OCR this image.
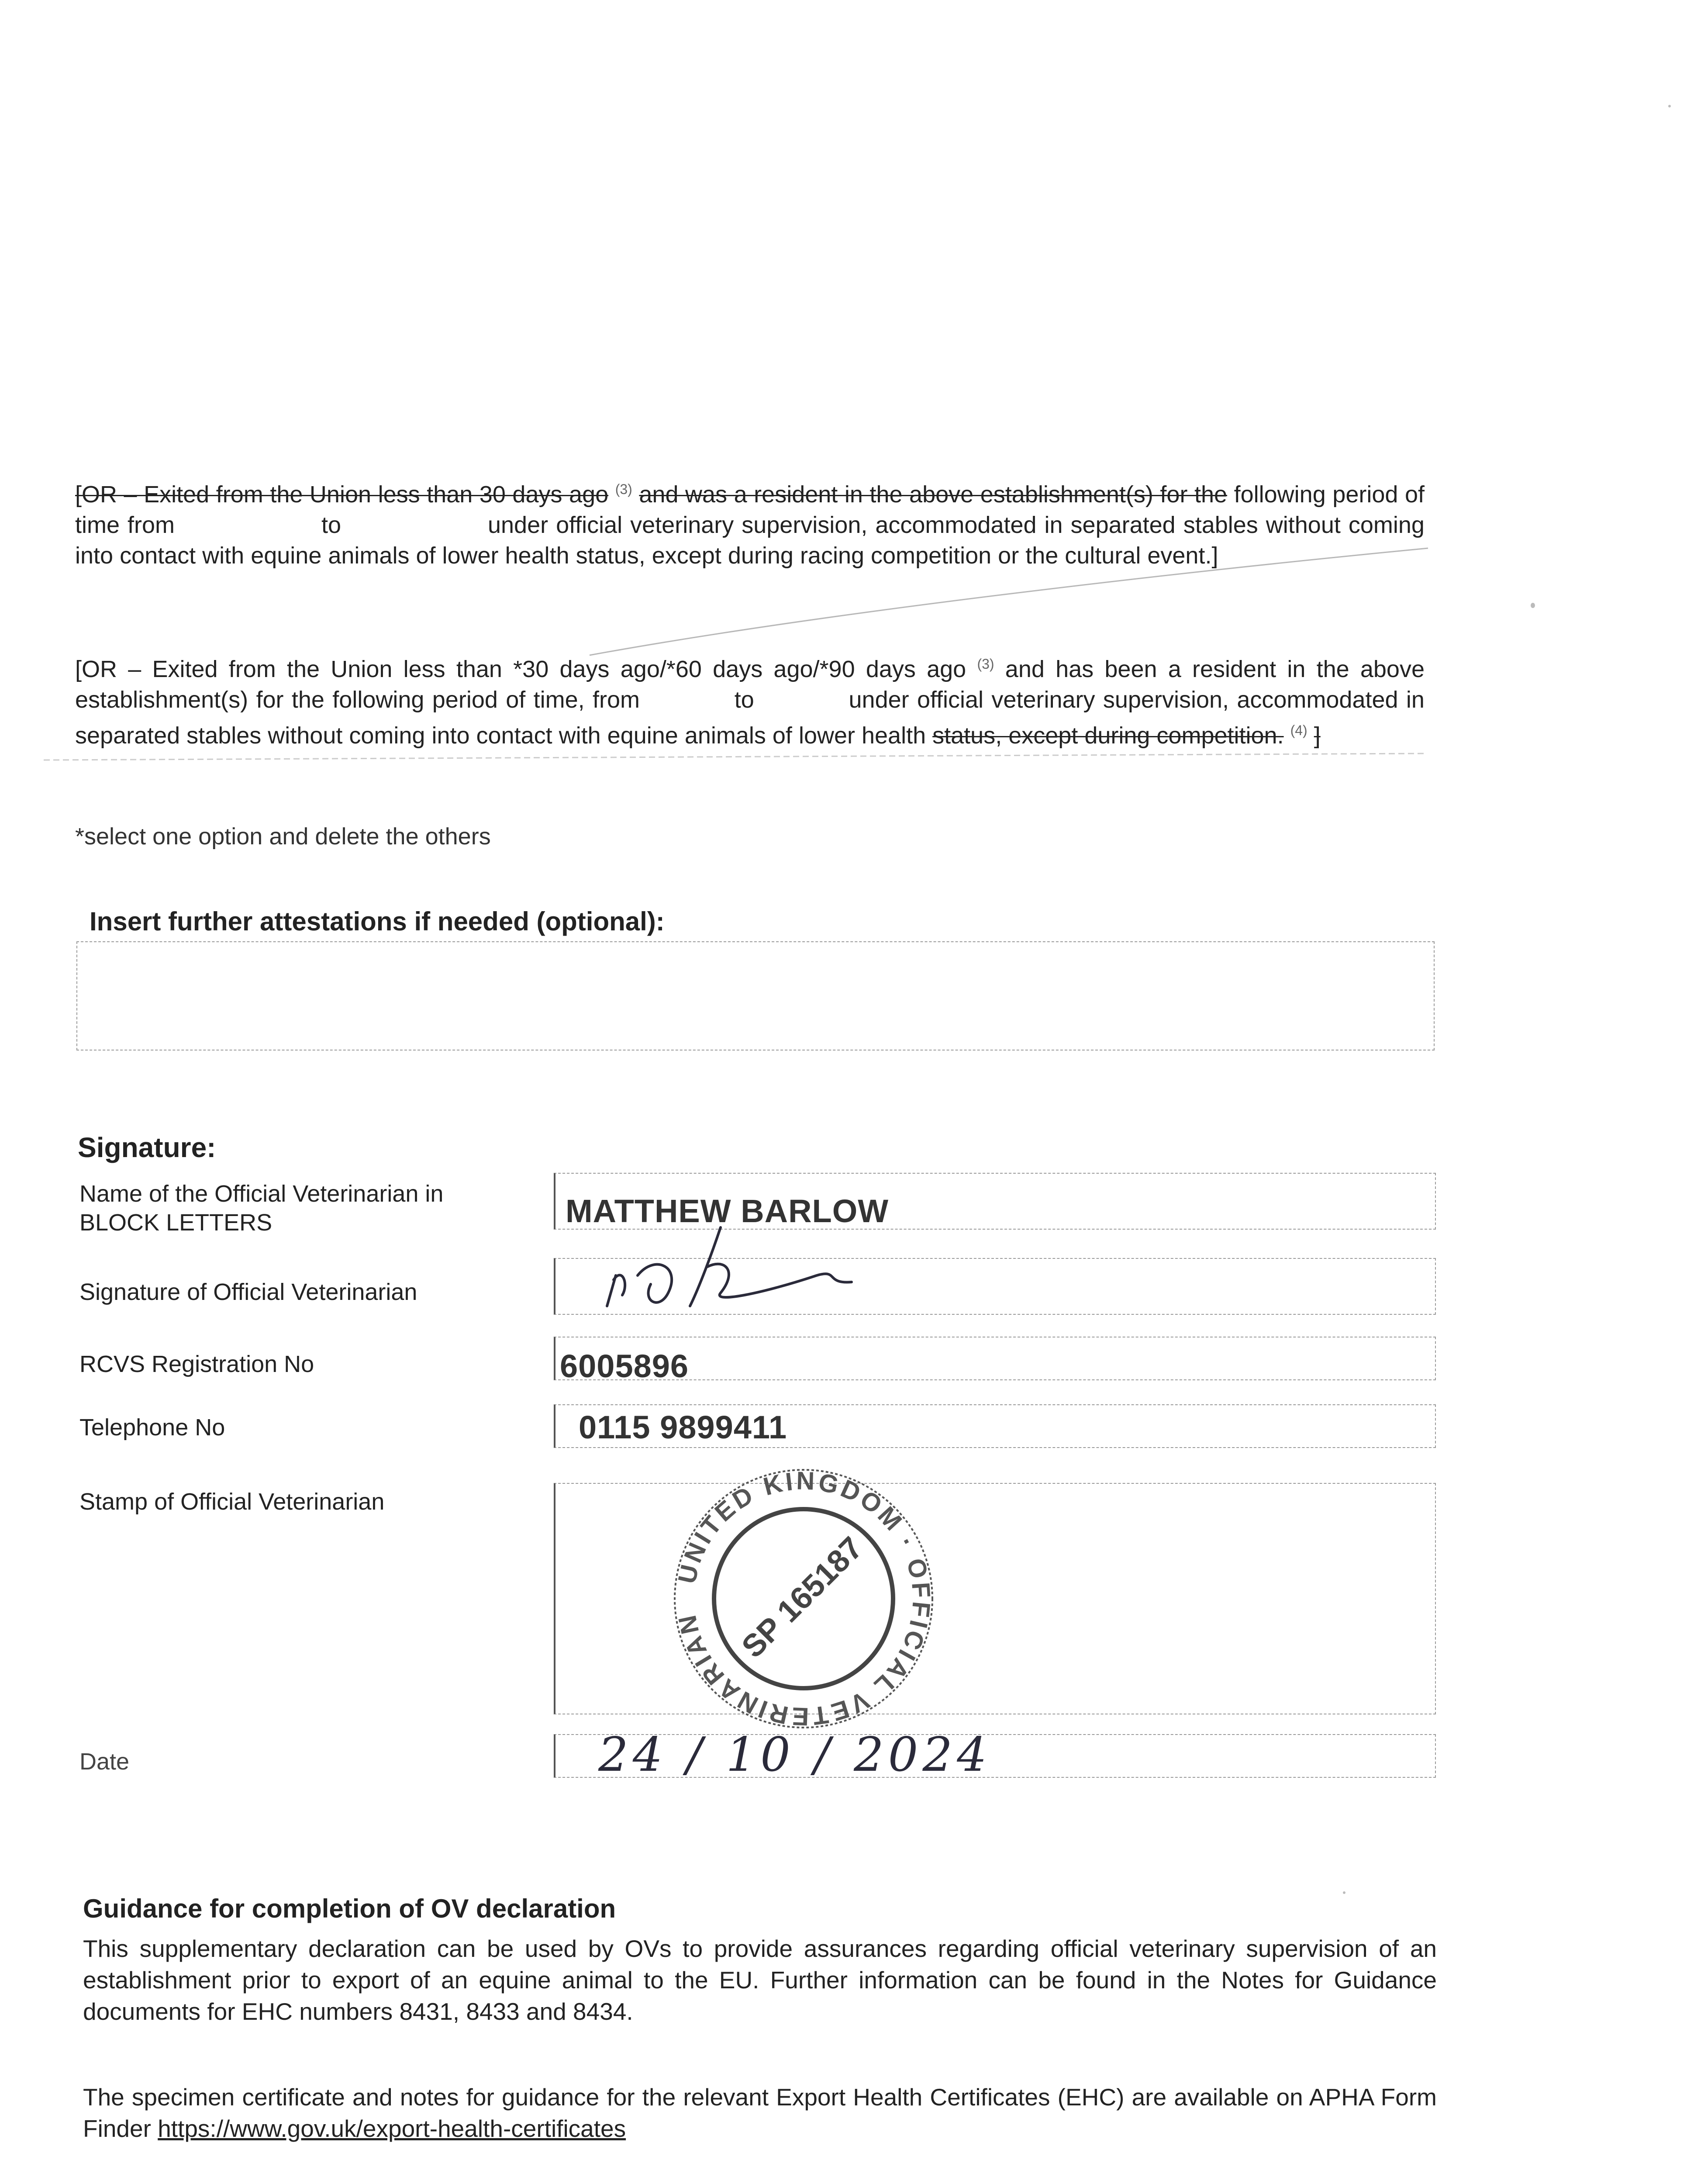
[OR – Exited from the Union less than 30 days ago $^{(3)}$ and was a resident in the above establishment(s) for the following period of time from	to	under official veterinary supervision, accommodated in separated stables without coming into contact with equine animals of lower health status, except during racing competition or the cultural event.]
[OR – Exited from the Union less than *30 days ago/*60 days ago/*90 days ago $^{(3)}$ and has been a resident in the above establishment(s) for the following period of time, from	to	under official veterinary supervision, accommodated in separated stables without coming into contact with equine animals of lower health status, except during competition. $^{(4)}$ ]
*select one option and delete the others
Insert further attestations if needed (optional):
Signature:
Name of the Official Veterinarian in BLOCK LETTERS	MATTHEW BARLOW
Signature of Official Veterinarian
RCVS Registration No	6005896
Telephone No	0115 9899411
Stamp of Official Veterinarian
UNITED KINGDOM · OFFICIAL VETERINARIAN SP 165187
Date	24 / 10 / 2024
Guidance for completion of OV declaration
This supplementary declaration can be used by OVs to provide assurances regarding official veterinary supervision of an establishment prior to export of an equine animal to the EU. Further information can be found in the Notes for Guidance documents for EHC numbers 8431, 8433 and 8434.
The specimen certificate and notes for guidance for the relevant Export Health Certificates (EHC) are available on APHA Form Finder https://www.gov.uk/export-health-certificates
